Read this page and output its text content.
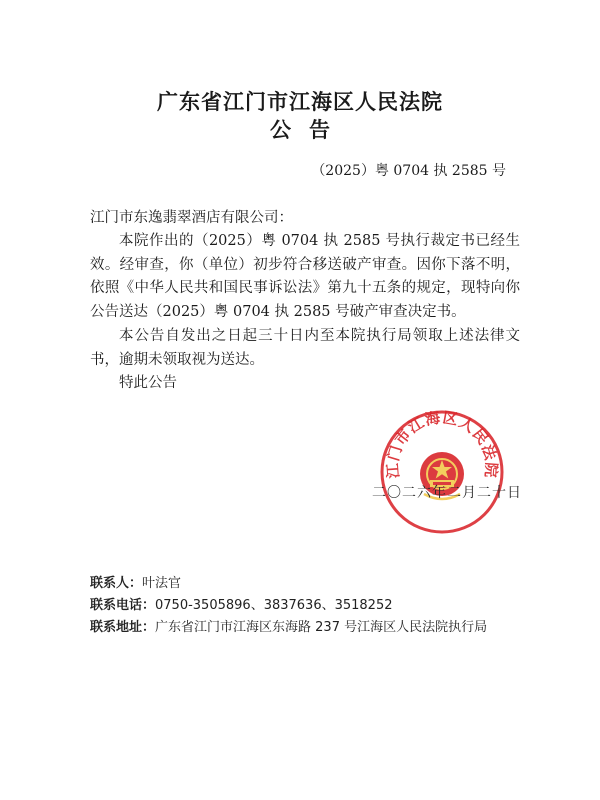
广东省江门市江海区人民法院
公告
（2025）粤 0704 执 2585 号
江门市东逸翡翠酒店有限公司：
本院作出的（2025）粤 0704 执 2585 号执行裁定书已经生效。经审查，你（单位）初步符合移送破产审查。因你下落不明，依照《中华人民共和国民事诉讼法》第九十五条的规定，现特向你公告送达（2025）粤 0704 执 2585 号破产审查决定书。
本公告自发出之日起三十日内至本院执行局领取上述法律文书，逾期未领取视为送达。
特此公告
江门市江海区人民法院
二〇二六年二月二十日
联系人：叶法官
联系电话：0750-3505896、3837636、3518252
联系地址：广东省江门市江海区东海路 237 号江海区人民法院执行局
